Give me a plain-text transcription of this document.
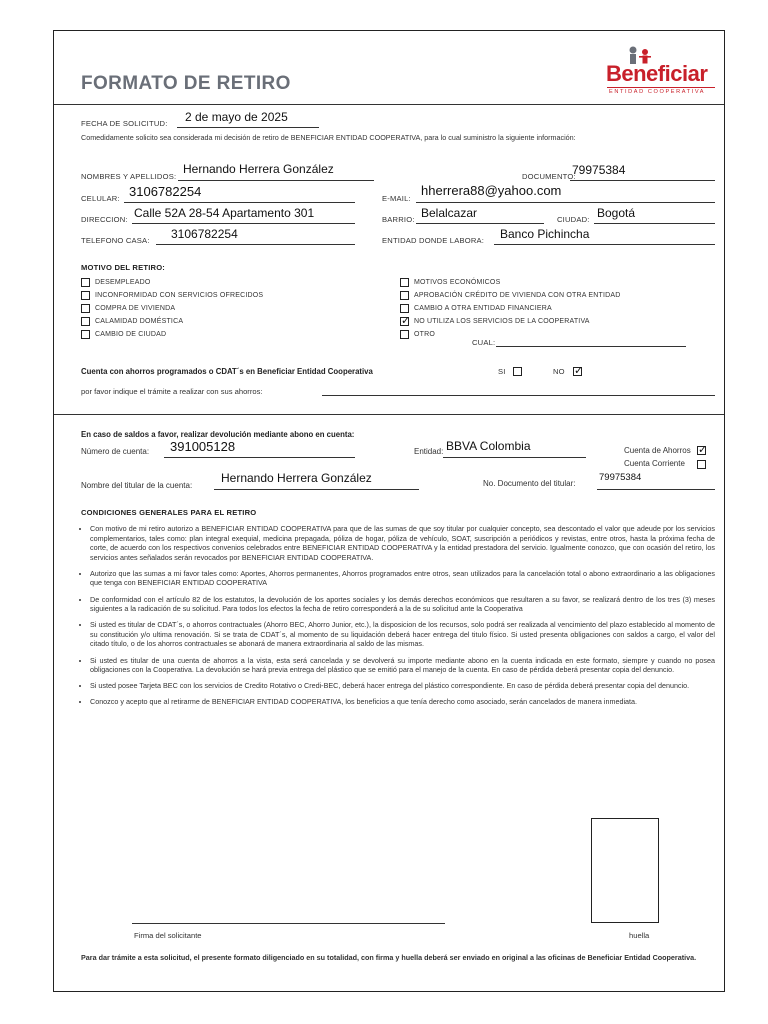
FORMATO DE RETIRO	Beneficiar
ENTIDAD COOPERATIVA
FECHA DE SOLICITUD: 2 de mayo de 2025
Comedidamente solicito sea considerada mi decisión de retiro de BENEFICIAR ENTIDAD COOPERATIVA, para lo cual suministro la siguiente información:
NOMBRES Y APELLIDOS:
Hernando Herrera González
DOCUMENTO:
79975384
CELULAR: 3106782254	E-MAIL:
hherrera88@yahoo.com
DIRECCION: Calle 52A 28-54 Apartamento 301	BARRIO: Belalcazar	CIUDAD: Bogotá
TELEFONO CASA: 3106782254	ENTIDAD DONDE LABORA: Banco Pichincha
MOTIVO DEL RETIRO:
DESEMPLEADO
INCONFORMIDAD CON SERVICIOS OFRECIDOS
COMPRA DE VIVIENDA
CALAMIDAD DOMÉSTICA
CAMBIO DE CIUDAD
MOTIVOS ECONÓMICOS
APROBACIÓN CRÉDITO DE VIVIENDA CON OTRA ENTIDAD
CAMBIO A OTRA ENTIDAD FINANCIERA
✓ NO UTILIZA LOS SERVICIOS DE LA COOPERATIVA
OTRO
CUAL:
Cuenta con ahorros programados o CDAT´s en Beneficiar Entidad Cooperativa	SI	NO ✓
por favor indique el trámite a realizar con sus ahorros:
En caso de saldos a favor, realizar devolución mediante abono en cuenta:
Número de cuenta: 391005128	Entidad: BBVA Colombia	Cuenta de Ahorros ✓
Cuenta Corriente
Nombre del titular de la cuenta:
Hernando Herrera González	No. Documento del titular:
79975384
CONDICIONES GENERALES PARA EL RETIRO
• Con motivo de mi retiro autorizo a BENEFICIAR ENTIDAD COOPERATIVA para que de las sumas de que soy titular por cualquier concepto, sea descontado el valor que adeude por los servicios complementarios, tales como: plan integral exequial, medicina prepagada, póliza de hogar, póliza de vehículo, SOAT, suscripción a periódicos y revistas, entre otros, hasta la próxima fecha de corte, de acuerdo con los respectivos convenios celebrados entre BENEFICIAR ENTIDAD COOPERATIVA y la entidad prestadora del servicio. Igualmente conozco, que con ocasión del retiro, los servicios antes señalados serán revocados por BENEFICIAR ENTIDAD COOPERATIVA.
• Autorizo que las sumas a mi favor tales como: Aportes, Ahorros permanentes, Ahorros programados entre otros, sean utilizados para la cancelación total o abono extraordinario a las obligaciones que tenga con BENEFICIAR ENTIDAD COOPERATIVA
• De conformidad con el artículo 82 de los estatutos, la devolución de los aportes sociales y los demás derechos económicos que resultaren a su favor, se realizará dentro de los tres (3) meses siguientes a la radicación de su solicitud. Para todos los efectos la fecha de retiro corresponderá a la de su solicitud ante la Cooperativa
• Si usted es titular de CDAT´s, o ahorros contractuales (Ahorro BEC, Ahorro Junior, etc.), la disposicion de los recursos, solo podrá ser realizada al vencimiento del plazo establecido al momento de su constitución y/o ultima renovación. Si se trata de CDAT´s, al momento de su liquidación deberá hacer entrega del titulo físico. Si usted presenta obligaciones con saldos a cargo, el valor del citado título, o de los ahorros contractuales se abonará de manera extraordinaria al saldo de las mismas.
• Si usted es titular de una cuenta de ahorros a la vista, esta será cancelada y se devolverá su importe mediante abono en la cuenta indicada en este formato, siempre y cuando no posea obligaciones con la Cooperativa. La devolución se hará previa entrega del plástico que se emitió para el manejo de la cuenta. En caso de pérdida deberá presentar copia del denuncio.
• Si usted posee Tarjeta BEC con los servicios de Credito Rotativo o Credi-BEC, deberá hacer entrega del plástico correspondiente. En caso de pérdida deberá presentar copia del denuncio.
• Conozco y acepto que al retirarme de BENEFICIAR ENTIDAD COOPERATIVA, los beneficios a que tenía derecho como asociado, serán cancelados de manera inmediata.
Firma del solicitante	huella
Para dar trámite a esta solicitud, el presente formato diligenciado en su totalidad, con firma y huella deberá ser enviado en original a las oficinas de Beneficiar Entidad Cooperativa.
